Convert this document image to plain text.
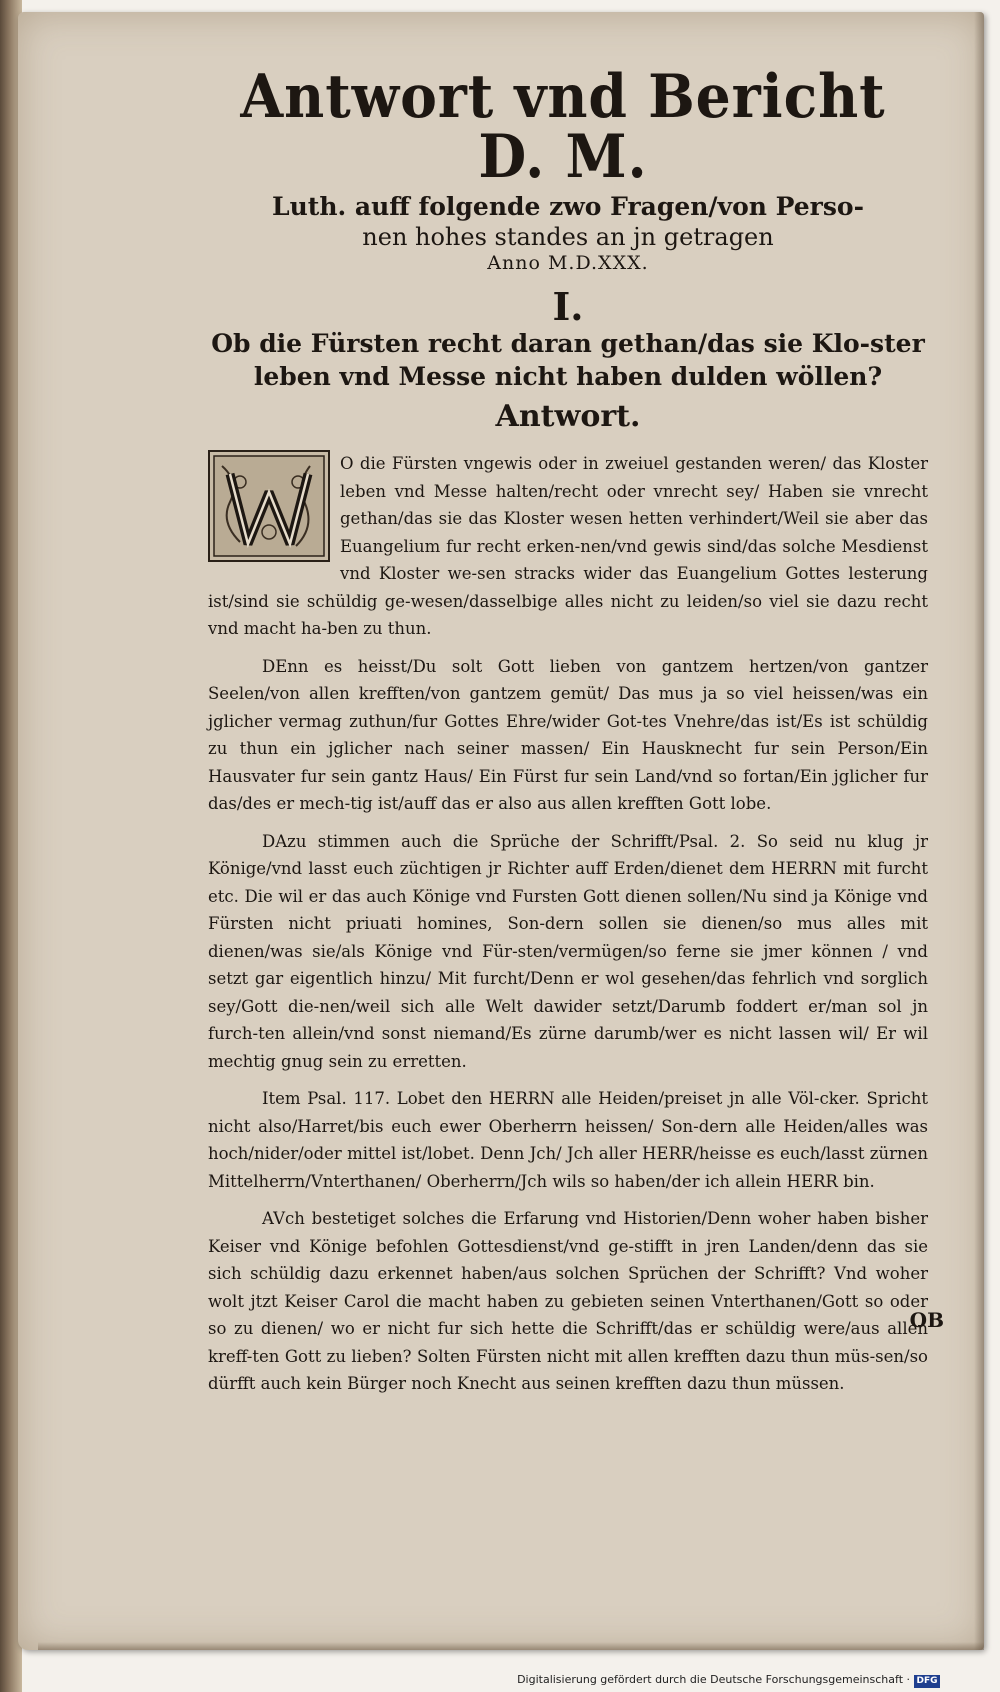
Antwort vnd Bericht D. M.
Luth. auff folgende zwo Fragen/von Perso-
nen hohes standes an jn getragen
Anno M.D.XXX.
I.
Ob die Fürsten recht daran gethan/das sie Klo-ster leben vnd Messe nicht haben dulden wöllen?
Antwort.
O die Fürsten vngewis oder in zweiuel gestanden weren/ das Kloster leben vnd Messe halten/recht oder vnrecht sey/ Haben sie vnrecht gethan/das sie das Kloster wesen hetten verhindert/Weil sie aber das Euangelium fur recht erken-nen/vnd gewis sind/das solche Mesdienst vnd Kloster we-sen stracks wider das Euangelium Gottes lesterung ist/sind sie schüldig ge-wesen/dasselbige alles nicht zu leiden/so viel sie dazu recht vnd macht ha-ben zu thun.
DEnn es heisst/Du solt Gott lieben von gantzem hertzen/von gantzer Seelen/von allen krefften/von gantzem gemüt/ Das mus ja so viel heissen/was ein jglicher vermag zuthun/fur Gottes Ehre/wider Got-tes Vnehre/das ist/Es ist schüldig zu thun ein jglicher nach seiner massen/ Ein Hausknecht fur sein Person/Ein Hausvater fur sein gantz Haus/ Ein Fürst fur sein Land/vnd so fortan/Ein jglicher fur das/des er mech-tig ist/auff das er also aus allen krefften Gott lobe.
DAzu stimmen auch die Sprüche der Schrifft/Psal. 2. So seid nu klug jr Könige/vnd lasst euch züchtigen jr Richter auff Erden/dienet dem HERRN mit furcht etc. Die wil er das auch Könige vnd Fursten Gott dienen sollen/Nu sind ja Könige vnd Fürsten nicht priuati homines, Son-dern sollen sie dienen/so mus alles mit dienen/was sie/als Könige vnd Für-sten/vermügen/so ferne sie jmer können / vnd setzt gar eigentlich hinzu/ Mit furcht/Denn er wol gesehen/das fehrlich vnd sorglich sey/Gott die-nen/weil sich alle Welt dawider setzt/Darumb foddert er/man sol jn furch-ten allein/vnd sonst niemand/Es zürne darumb/wer es nicht lassen wil/ Er wil mechtig gnug sein zu erretten.
Item Psal. 117. Lobet den HERRN alle Heiden/preiset jn alle Völ-cker. Spricht nicht also/Harret/bis euch ewer Oberherrn heissen/ Son-dern alle Heiden/alles was hoch/nider/oder mittel ist/lobet. Denn Jch/ Jch aller HERR/heisse es euch/lasst zürnen Mittelherrn/Vnterthanen/ Oberherrn/Jch wils so haben/der ich allein HERR bin.
AVch bestetiget solches die Erfarung vnd Historien/Denn woher haben bisher Keiser vnd Könige befohlen Gottesdienst/vnd ge-stifft in jren Landen/denn das sie sich schüldig dazu erkennet haben/aus solchen Sprüchen der Schrifft? Vnd woher wolt jtzt Keiser Carol die macht haben zu gebieten seinen Vnterthanen/Gott so oder so zu dienen/ wo er nicht fur sich hette die Schrifft/das er schüldig were/aus allen kreff-ten Gott zu lieben? Solten Fürsten nicht mit allen krefften dazu thun müs-sen/so dürfft auch kein Bürger noch Knecht aus seinen krefften dazu thun müssen.
OB
Digitalisierung gefördert durch die Deutsche Forschungsgemeinschaft · DFG
